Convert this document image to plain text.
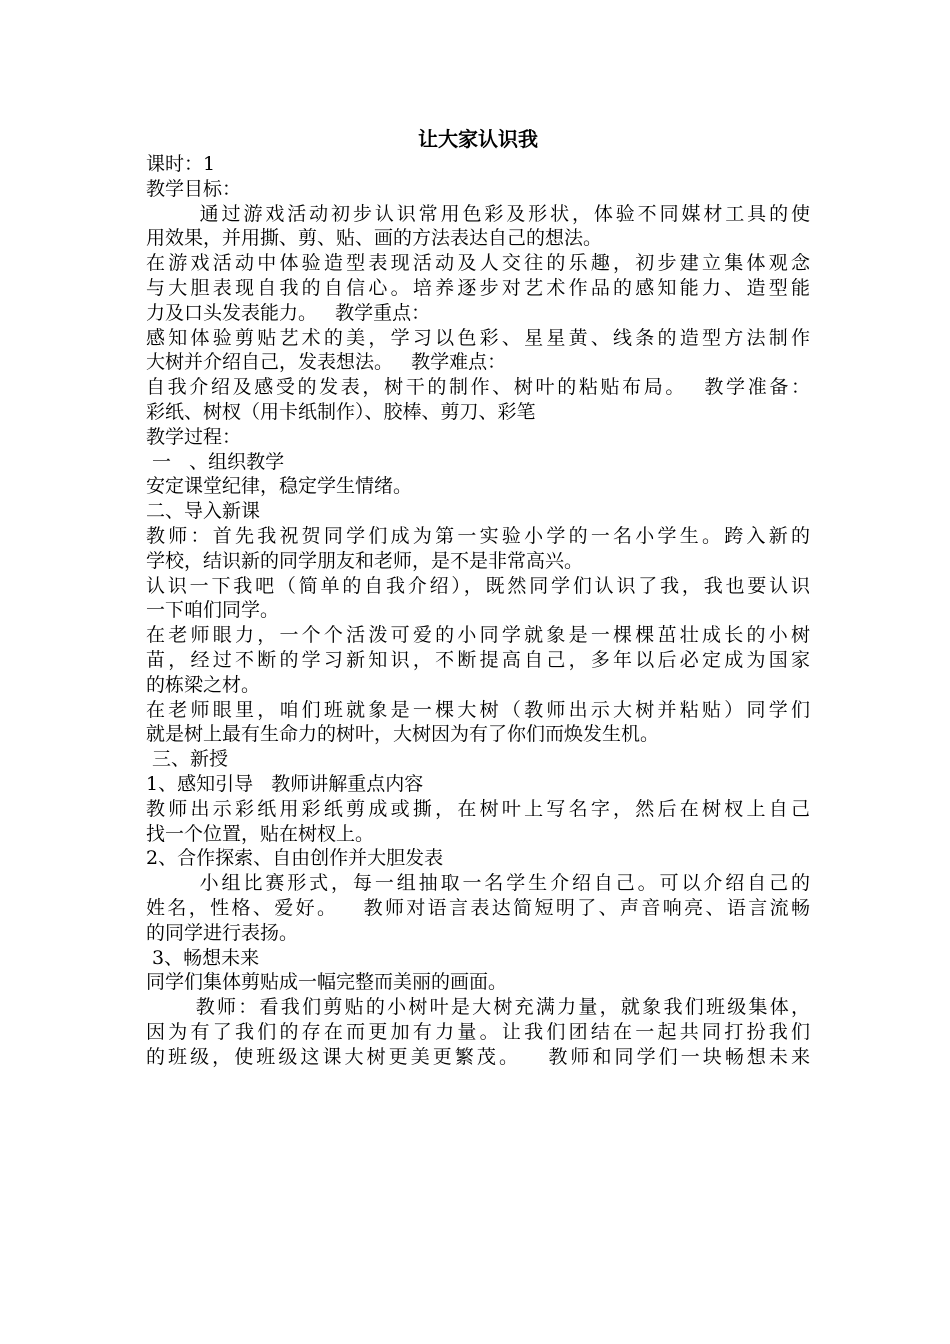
让大家认识我
课时：1
教学目标：
通过游戏活动初步认识常用色彩及形状，体验不同媒材工具的使
用效果，并用撕、剪、贴、画的方法表达自己的想法。
在游戏活动中体验造型表现活动及人交往的乐趣，初步建立集体观念
与大胆表现自我的自信心。培养逐步对艺术作品的感知能力、造型能
力及口头发表能力。   教学重点：
感知体验剪贴艺术的美，学习以色彩、星星黄、线条的造型方法制作
大树并介绍自己，发表想法。   教学难点：
自我介绍及感受的发表，树干的制作、树叶的粘贴布局。  教学准备：
彩纸、树杈（用卡纸制作）、胶棒、剪刀、彩笔
教学过程：
一   、组织教学
安定课堂纪律，稳定学生情绪。
二、导入新课
教师：首先我祝贺同学们成为第一实验小学的一名小学生。跨入新的
学校，结识新的同学朋友和老师，是不是非常高兴。
认识一下我吧（简单的自我介绍），既然同学们认识了我，我也要认识
一下咱们同学。
在老师眼力，一个个活泼可爱的小同学就象是一棵棵茁壮成长的小树
苗，经过不断的学习新知识，不断提高自己，多年以后必定成为国家
的栋梁之材。
在老师眼里，咱们班就象是一棵大树（教师出示大树并粘贴）同学们
就是树上最有生命力的树叶，大树因为有了你们而焕发生机。
三、新授
1、感知引导   教师讲解重点内容
教师出示彩纸用彩纸剪成或撕，在树叶上写名字，然后在树杈上自己
找一个位置，贴在树杈上。
2、合作探索、自由创作并大胆发表
小组比赛形式，每一组抽取一名学生介绍自己。可以介绍自己的
姓名，性格、爱好。   教师对语言表达简短明了、声音响亮、语言流畅
的同学进行表扬。
3、畅想未来
同学们集体剪贴成一幅完整而美丽的画面。
教师：看我们剪贴的小树叶是大树充满力量，就象我们班级集体，
因为有了我们的存在而更加有力量。让我们团结在一起共同打扮我们
的班级，使班级这课大树更美更繁茂。   教师和同学们一块畅想未来
